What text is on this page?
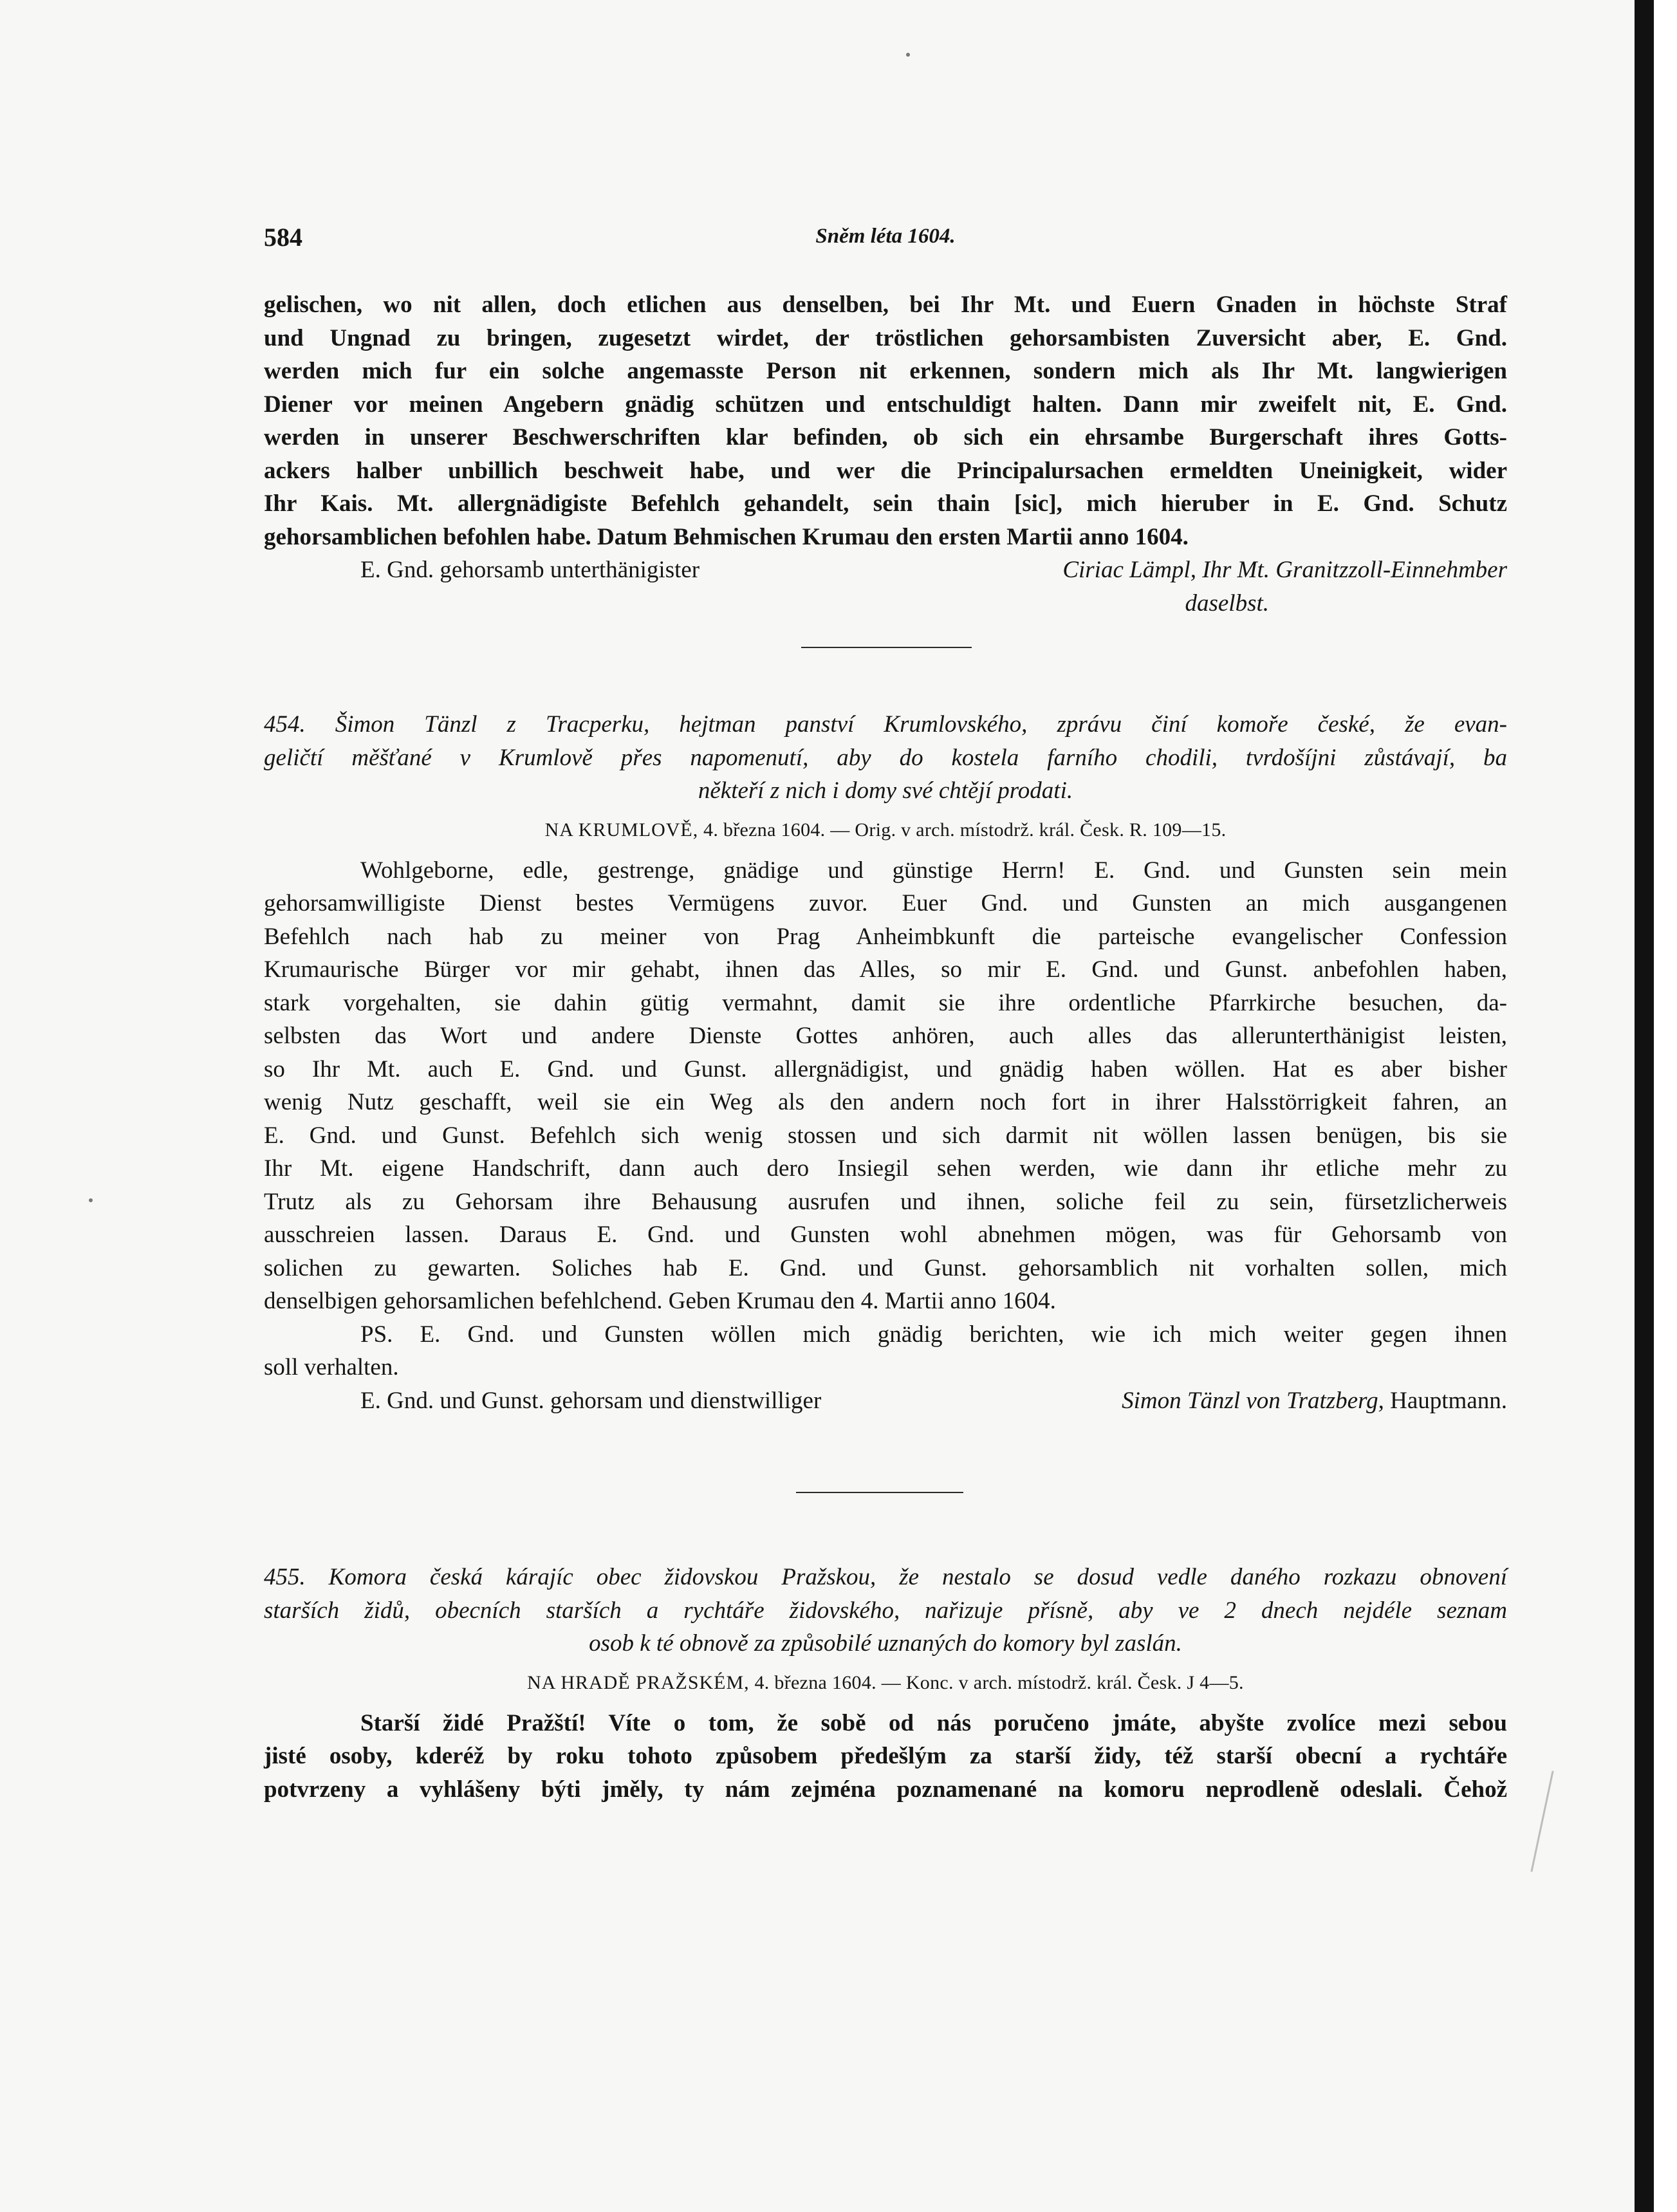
584	Sněm léta 1604.

gelischen, wo nit allen, doch etlichen aus denselben, bei Ihr Mt. und Euern Gnaden in höchste Straf
und Ungnad zu bringen, zugesetzt wirdet, der tröstlichen gehorsambisten Zuversicht aber, E. Gnd.
werden mich fur ein solche angemasste Person nit erkennen, sondern mich als Ihr Mt. langwierigen
Diener vor meinen Angebern gnädig schützen und entschuldigt halten. Dann mir zweifelt nit, E. Gnd.
werden in unserer Beschwerschriften klar befinden, ob sich ein ehrsambe Burgerschaft ihres Gotts-
ackers halber unbillich beschweit habe, und wer die Principalursachen ermeldten Uneinigkeit, wider
Ihr Kais. Mt. allergnädigiste Befehlch gehandelt, sein thain [sic], mich hieruber in E. Gnd. Schutz
gehorsamblichen befohlen habe. Datum Behmischen Krumau den ersten Martii anno 1604.

E. Gnd. gehorsamb unterthänigister	Ciriac Lämpl, Ihr Mt. Granitzzoll-Einnehmber
daselbst.

454. Šimon Tänzl z Tracperku, hejtman panství Krumlovského, zprávu činí komoře české, že evan-
geličtí měšťané v Krumlově přes napomenutí, aby do kostela farního chodili, tvrdošíjni zůstávají, ba
někteří z nich i domy své chtějí prodati.

NA KRUMLOVĚ, 4. března 1604. — Orig. v arch. místodrž. král. Česk. R. 109—15.

Wohlgeborne, edle, gestrenge, gnädige und günstige Herrn! E. Gnd. und Gunsten sein mein
gehorsamwilligiste Dienst bestes Vermügens zuvor. Euer Gnd. und Gunsten an mich ausgangenen
Befehlch nach hab zu meiner von Prag Anheimbkunft die parteische evangelischer Confession
Krumaurische Bürger vor mir gehabt, ihnen das Alles, so mir E. Gnd. und Gunst. anbefohlen haben,
stark vorgehalten, sie dahin gütig vermahnt, damit sie ihre ordentliche Pfarrkirche besuchen, da-
selbsten das Wort und andere Dienste Gottes anhören, auch alles das allerunterthänigist leisten,
so Ihr Mt. auch E. Gnd. und Gunst. allergnädigist, und gnädig haben wöllen. Hat es aber bisher
wenig Nutz geschafft, weil sie ein Weg als den andern noch fort in ihrer Halsstörrigkeit fahren, an
E. Gnd. und Gunst. Befehlch sich wenig stossen und sich darmit nit wöllen lassen benügen, bis sie
Ihr Mt. eigene Handschrift, dann auch dero Insiegil sehen werden, wie dann ihr etliche mehr zu
Trutz als zu Gehorsam ihre Behausung ausrufen und ihnen, soliche feil zu sein, fürsetzlicherweis
ausschreien lassen. Daraus E. Gnd. und Gunsten wohl abnehmen mögen, was für Gehorsamb von
solichen zu gewarten. Soliches hab E. Gnd. und Gunst. gehorsamblich nit vorhalten sollen, mich
denselbigen gehorsamlichen befehlchend. Geben Krumau den 4. Martii anno 1604.

PS. E. Gnd. und Gunsten wöllen mich gnädig berichten, wie ich mich weiter gegen ihnen
soll verhalten.

E. Gnd. und Gunst. gehorsam und dienstwilliger	Simon Tänzl von Tratzberg, Hauptmann.

455. Komora česká kárajíc obec židovskou Pražskou, že nestalo se dosud vedle daného rozkazu obnovení
starších židů, obecních starších a rychtáře židovského, nařizuje přísně, aby ve 2 dnech nejdéle seznam
osob k té obnově za způsobilé uznaných do komory byl zaslán.

NA HRADĚ PRAŽSKÉM, 4. března 1604. — Konc. v arch. místodrž. král. Česk. J 4—5.

Starší židé Pražští! Víte o tom, že sobě od nás poručeno jmáte, abyšte zvolíce mezi sebou
jisté osoby, kderéž by roku tohoto způsobem předešlým za starší židy, též starší obecní a rychtáře
potvrzeny a vyhlášeny býti jměly, ty nám zejména poznamenané na komoru neprodleně odeslali. Čehož
